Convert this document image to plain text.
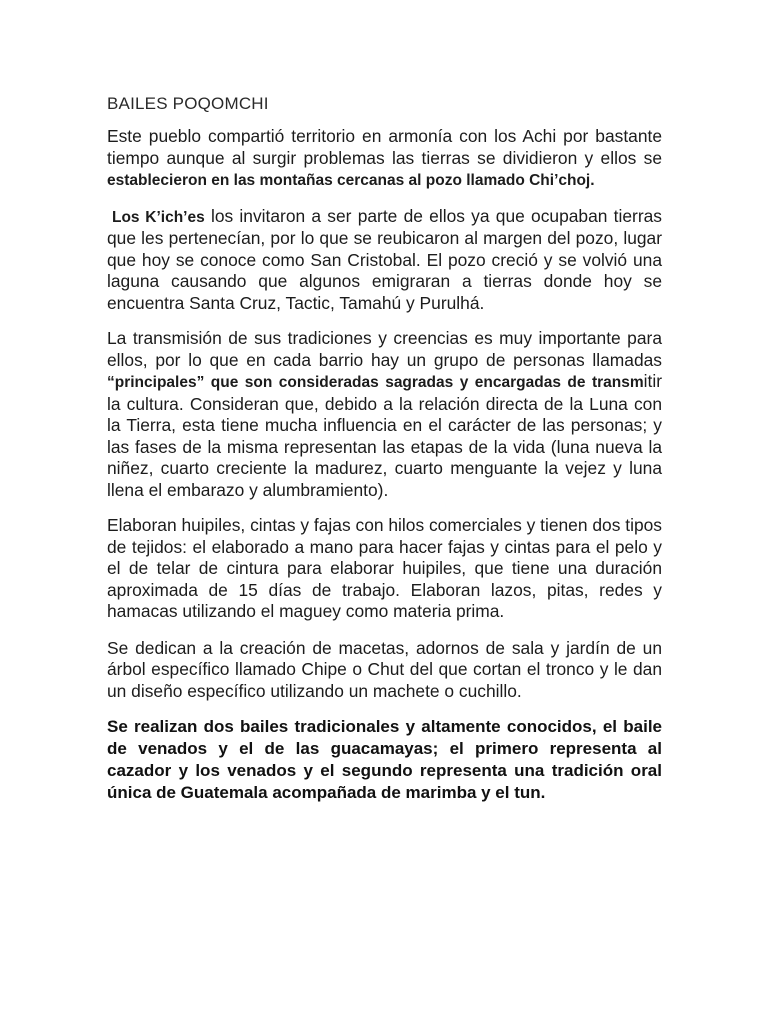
BAILES POQOMCHI

Este pueblo compartió territorio en armonía con los Achi por bastante tiempo aunque al surgir problemas las tierras se dividieron y ellos se establecieron en las montañas cercanas al pozo llamado Chi’choj.

Los K’ich’es los invitaron a ser parte de ellos ya que ocupaban tierras que les pertenecían, por lo que se reubicaron al margen del pozo, lugar que hoy se conoce como San Cristobal. El pozo creció y se volvió una laguna causando que algunos emigraran a tierras donde hoy se encuentra Santa Cruz, Tactic, Tamahú y Purulhá.

La transmisión de sus tradiciones y creencias es muy importante para ellos, por lo que en cada barrio hay un grupo de personas llamadas “principales” que son consideradas sagradas y encargadas de transmitir la cultura. Consideran que, debido a la relación directa de la Luna con la Tierra, esta tiene mucha influencia en el carácter de las personas; y las fases de la misma representan las etapas de la vida (luna nueva la niñez, cuarto creciente la madurez, cuarto menguante la vejez y luna llena el embarazo y alumbramiento).

Elaboran huipiles, cintas y fajas con hilos comerciales y tienen dos tipos de tejidos: el elaborado a mano para hacer fajas y cintas para el pelo y el de telar de cintura para elaborar huipiles, que tiene una duración aproximada de 15 días de trabajo. Elaboran lazos, pitas, redes y hamacas utilizando el maguey como materia prima.

Se dedican a la creación de macetas, adornos de sala y jardín de un árbol específico llamado Chipe o Chut del que cortan el tronco y le dan un diseño específico utilizando un machete o cuchillo.

Se realizan dos bailes tradicionales y altamente conocidos, el baile de venados y el de las guacamayas; el primero representa al cazador y los venados y el segundo representa una tradición oral única de Guatemala acompañada de marimba y el tun.
